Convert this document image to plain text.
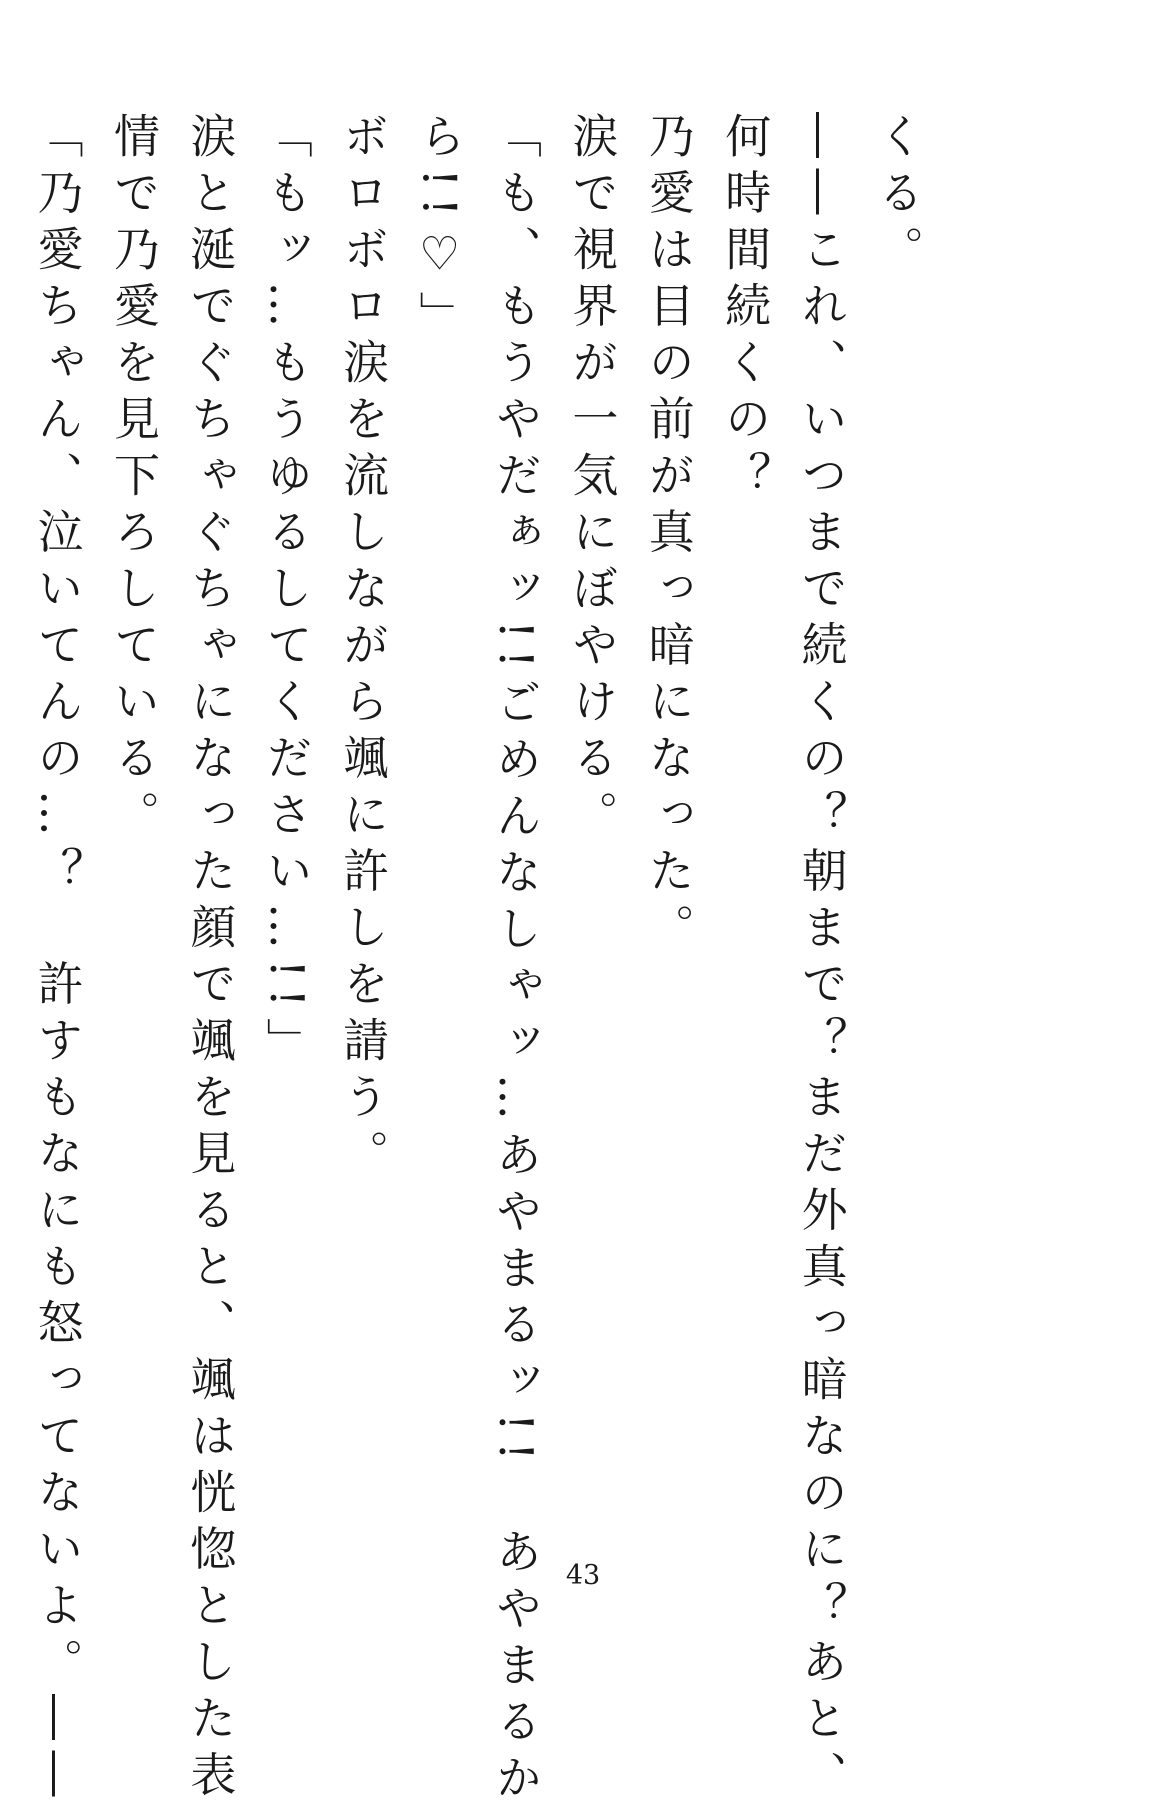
くる。

――これ、いつまで続くの？朝まで？まだ外真っ暗なのに？あと、

何時間続くの？

乃愛は目の前が真っ暗になった。

涙で視界が一気にぼやける。

「も、もうやだぁッ!!ごめんなしゃッ…あやまるッ!!　あやまるか

ら!!♡」

ボロボロ涙を流しながら颯に許しを請う。

「もッ…もうゆるしてください…!!」

涙と涎でぐちゃぐちゃになった顔で颯を見ると、颯は恍惚とした表

情で乃愛を見下ろしている。

「乃愛ちゃん、泣いてんの…？　許すもなにも怒ってないよ。――	43
